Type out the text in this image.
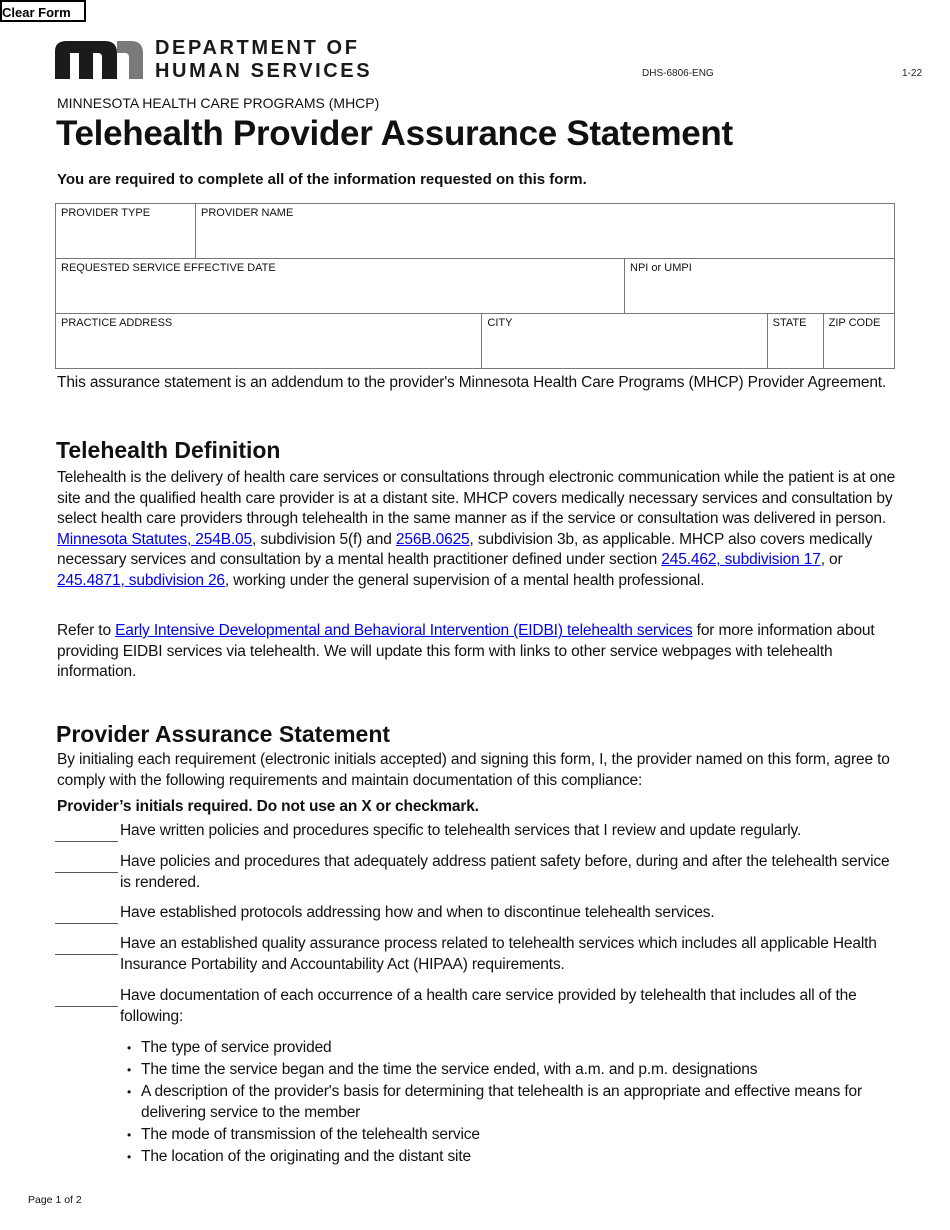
Clear Form
DEPARTMENT OF
HUMAN SERVICES	DHS-6806-ENG	1-22
MINNESOTA HEALTH CARE PROGRAMS (MHCP)
Telehealth Provider Assurance Statement
You are required to complete all of the information requested on this form.
PROVIDER TYPE	PROVIDER NAME				
REQUESTED SERVICE EFFECTIVE DATE			NPI or UMPI		
PRACTICE ADDRESS		CITY		STATE	ZIP CODE
This assurance statement is an addendum to the provider's Minnesota Health Care Programs (MHCP) Provider Agreement.
Telehealth Definition
Telehealth is the delivery of health care services or consultations through electronic communication while the patient is at one site and the qualified health care provider is at a distant site. MHCP covers medically necessary services and consultation by select health care providers through telehealth in the same manner as if the service or consultation was delivered in person. Minnesota Statutes, 254B.05, subdivision 5(f) and 256B.0625, subdivision 3b, as applicable. MHCP also covers medically necessary services and consultation by a mental health practitioner defined under section 245.462, subdivision 17, or 245.4871, subdivision 26, working under the general supervision of a mental health professional.
Refer to Early Intensive Developmental and Behavioral Intervention (EIDBI) telehealth services for more information about providing EIDBI services via telehealth. We will update this form with links to other service webpages with telehealth information.
Provider Assurance Statement
By initialing each requirement (electronic initials accepted) and signing this form, I, the provider named on this form, agree to comply with the following requirements and maintain documentation of this compliance:
Provider’s initials required. Do not use an X or checkmark.
Have written policies and procedures specific to telehealth services that I review and update regularly.
Have policies and procedures that adequately address patient safety before, during and after the telehealth service is rendered.
Have established protocols addressing how and when to discontinue telehealth services.
Have an established quality assurance process related to telehealth services which includes all applicable Health Insurance Portability and Accountability Act (HIPAA) requirements.
Have documentation of each occurrence of a health care service provided by telehealth that includes all of the following:
• The type of service provided
• The time the service began and the time the service ended, with a.m. and p.m. designations
• A description of the provider's basis for determining that telehealth is an appropriate and effective means for delivering service to the member
• The mode of transmission of the telehealth service
• The location of the originating and the distant site
Page 1 of 2
